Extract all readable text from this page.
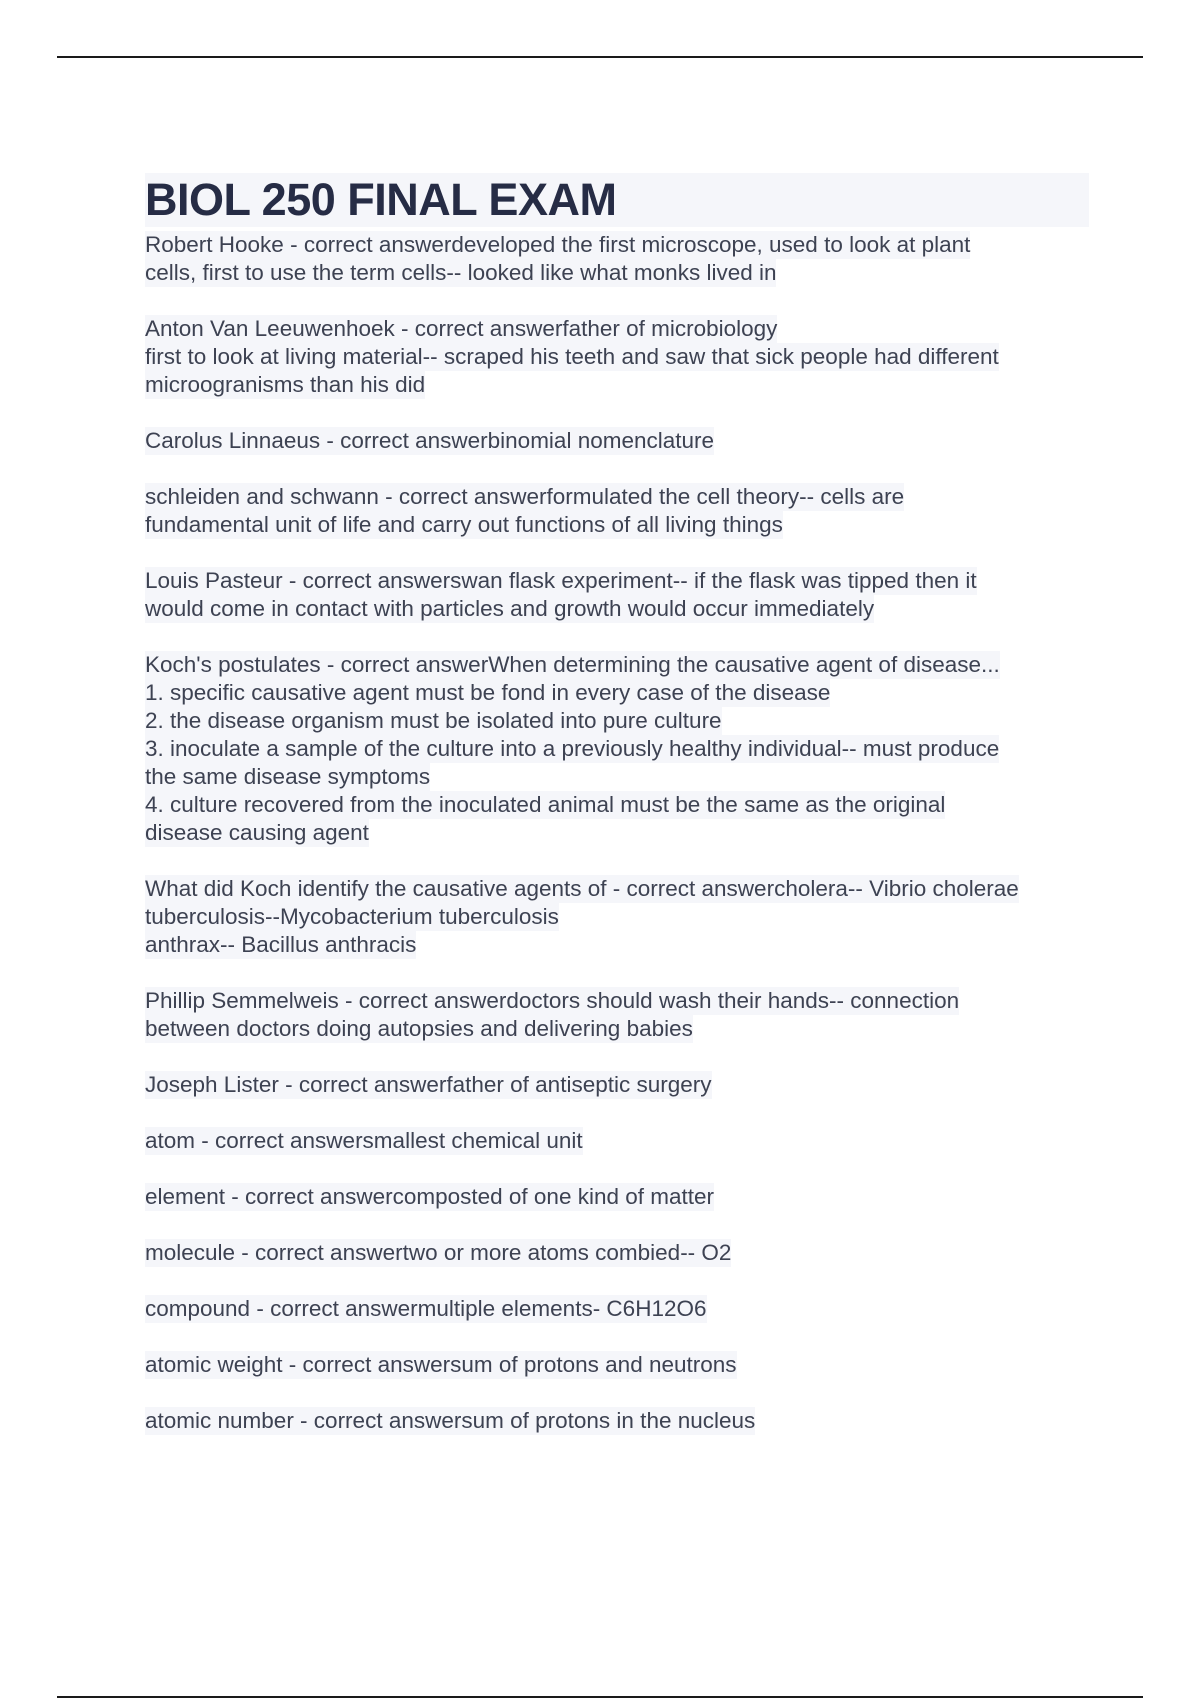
BIOL 250 FINAL EXAM
Robert Hooke - correct answerdeveloped the first microscope, used to look at plant
cells, first to use the term cells-- looked like what monks lived in
Anton Van Leeuwenhoek - correct answerfather of microbiology
first to look at living material-- scraped his teeth and saw that sick people had different
microogranisms than his did
Carolus Linnaeus - correct answerbinomial nomenclature
schleiden and schwann - correct answerformulated the cell theory-- cells are
fundamental unit of life and carry out functions of all living things
Louis Pasteur - correct answerswan flask experiment-- if the flask was tipped then it
would come in contact with particles and growth would occur immediately
Koch's postulates - correct answerWhen determining the causative agent of disease...
1. specific causative agent must be fond in every case of the disease
2. the disease organism must be isolated into pure culture
3. inoculate a sample of the culture into a previously healthy individual-- must produce
the same disease symptoms
4. culture recovered from the inoculated animal must be the same as the original
disease causing agent
What did Koch identify the causative agents of - correct answercholera-- Vibrio cholerae
tuberculosis--Mycobacterium tuberculosis
anthrax-- Bacillus anthracis
Phillip Semmelweis - correct answerdoctors should wash their hands-- connection
between doctors doing autopsies and delivering babies
Joseph Lister - correct answerfather of antiseptic surgery
atom - correct answersmallest chemical unit
element - correct answercomposted of one kind of matter
molecule - correct answertwo or more atoms combied-- O2
compound - correct answermultiple elements- C6H12O6
atomic weight - correct answersum of protons and neutrons
atomic number - correct answersum of protons in the nucleus
